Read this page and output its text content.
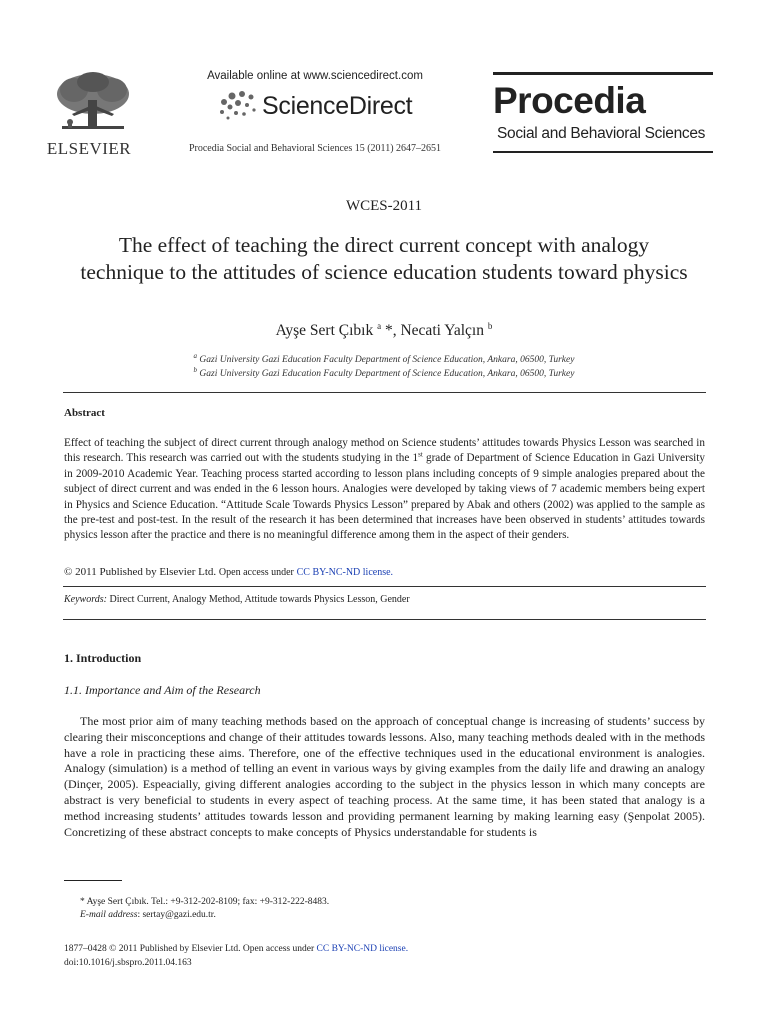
ELSEVIER
Available online at www.sciencedirect.com
ScienceDirect
Procedia Social and Behavioral Sciences 15 (2011) 2647–2651
Procedia
Social and Behavioral Sciences
WCES-2011
The effect of teaching the direct current concept with analogy technique to the attitudes of science education students toward physics
Ayşe Sert Çıbık $^a$ *, Necati Yalçın $^b$
$^a$ Gazi University Gazi Education Faculty Department of Science Education, Ankara, 06500, Turkey
$^b$ Gazi University Gazi Education Faculty Department of Science Education, Ankara, 06500, Turkey
Abstract
Effect of teaching the subject of direct current through analogy method on Science students’ attitudes towards Physics Lesson was searched in this research. This research was carried out with the students studying in the 1st grade of Department of Science Education in Gazi University in 2009-2010 Academic Year. Teaching process started according to lesson plans including concepts of 9 simple analogies prepared about the subject of direct current and was ended in the 6 lesson hours. Analogies were developed by taking views of 7 academic members being expert in Physics and Science Education. “Attitude Scale Towards Physics Lesson” prepared by Abak and others (2002) was applied to the sample as the pre-test and post-test. In the result of the research it has been determined that increases have been observed in students’ attitudes towards physics lesson after the practice and there is no meaningful difference among them in the aspect of their genders.
© 2011 Published by Elsevier Ltd. Open access under CC BY-NC-ND license.
Keywords: Direct Current, Analogy Method, Attitude towards Physics Lesson, Gender
1. Introduction
1.1. Importance and Aim of the Research
The most prior aim of many teaching methods based on the approach of conceptual change is increasing of students’ success by clearing their misconceptions and change of their attitudes towards lessons. Also, many teaching methods dealed with in the methods have a role in practicing these aims. Therefore, one of the effective techniques used in the educational environment is analogies. Analogy (simulation) is a method of telling an event in various ways by giving examples from the daily life and drawing an analogy (Dinçer, 2005). Espeacially, giving different analogies according to the subject in the physics lesson in which many concepts are abstract is very beneficial to students in every aspect of teaching process. At the same time, it has been stated that analogy is a method increasing students’ attitudes towards lesson and providing permanent learning by making learning easy (Şenpolat 2005). Concretizing of these abstract concepts to make concepts of Physics understandable for students is
* Ayşe Sert Çıbık. Tel.: +9-312-202-8109; fax: +9-312-222-8483.
E-mail address: sertay@gazi.edu.tr.
1877–0428 © 2011 Published by Elsevier Ltd. Open access under CC BY-NC-ND license.
doi:10.1016/j.sbspro.2011.04.163
